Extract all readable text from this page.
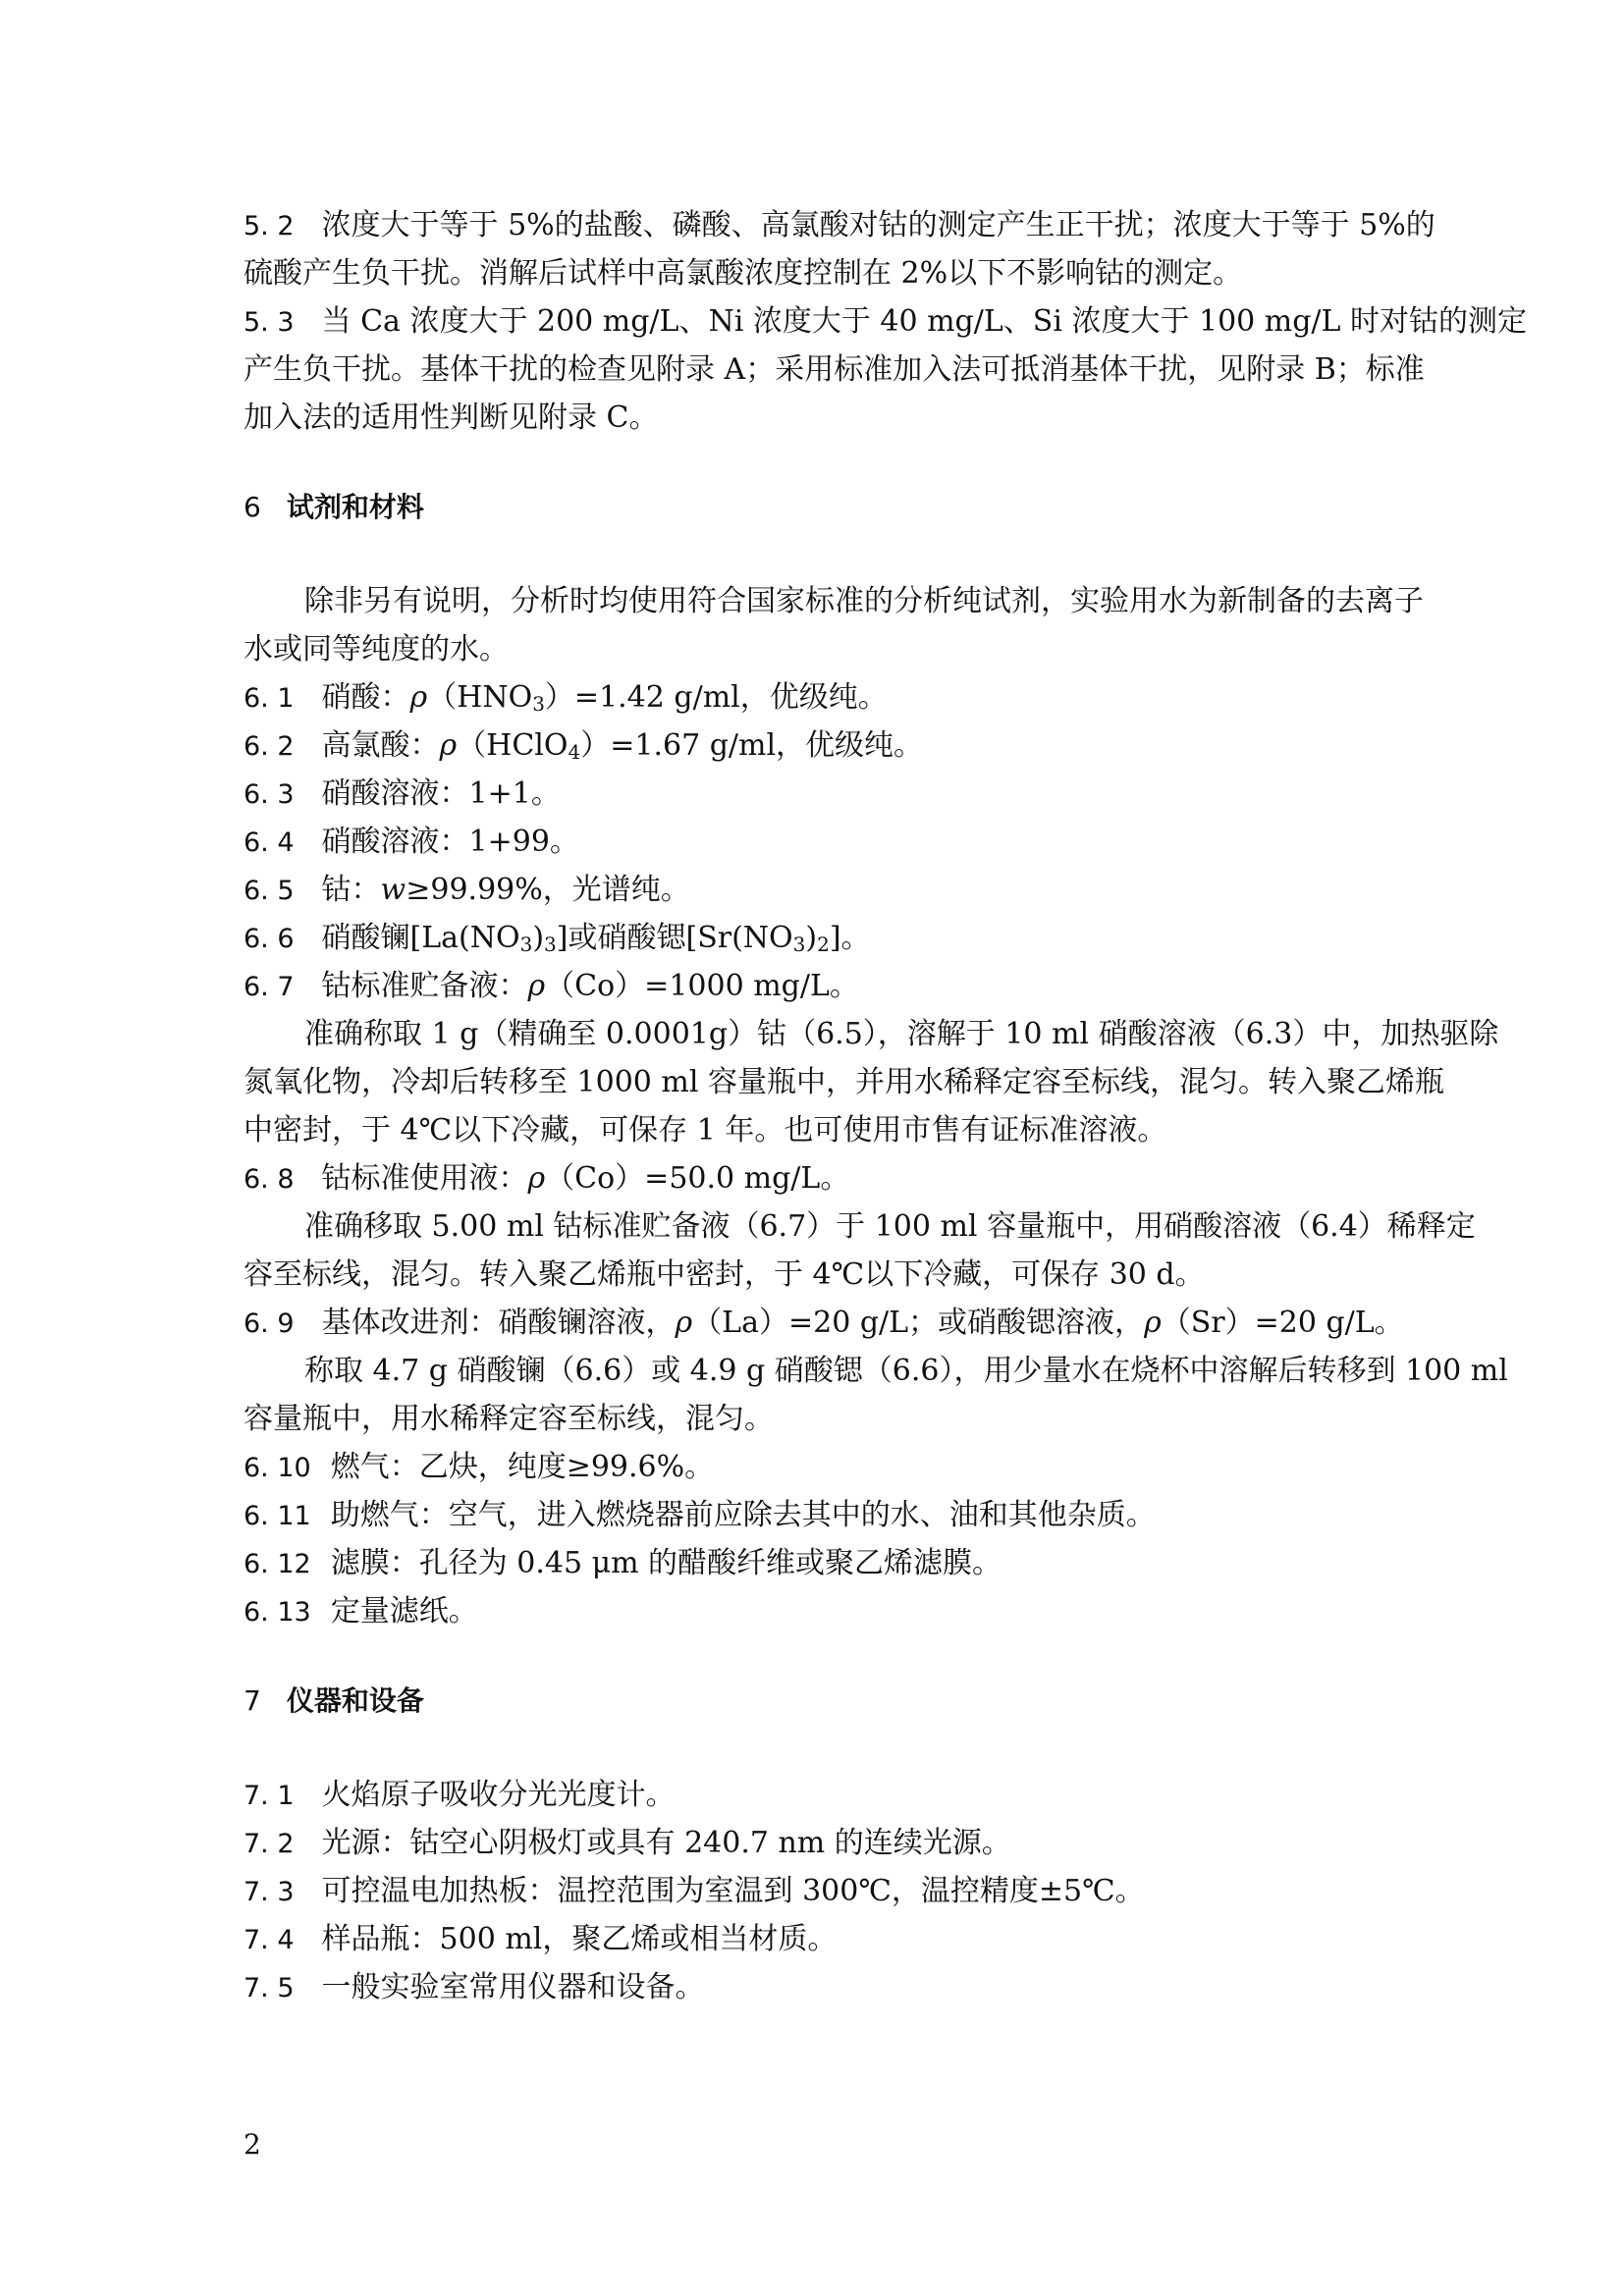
5. 2 浓度大于等于 5%的盐酸、磷酸、高氯酸对钴的测定产生正干扰；浓度大于等于 5%的
硫酸产生负干扰。消解后试样中高氯酸浓度控制在 2%以下不影响钴的测定。
5. 3 当 Ca 浓度大于 200 mg/L、Ni 浓度大于 40 mg/L、Si 浓度大于 100 mg/L 时对钴的测定
产生负干扰。基体干扰的检查见附录 A；采用标准加入法可抵消基体干扰，见附录 B；标准
加入法的适用性判断见附录 C。
6 试剂和材料
除非另有说明，分析时均使用符合国家标准的分析纯试剂，实验用水为新制备的去离子
水或同等纯度的水。
6. 1 硝酸：$\rho(HNO_3)=1.42$ g/ml，优级纯。
6. 2 高氯酸：ρ（HClO$_4$）=1.67 g/ml，优级纯。
6. 3 硝酸溶液：1+1。
6. 4 硝酸溶液：1+99。
6. 5 钴：w≥99.99%，光谱纯。
6. 6 硝酸镧$[La(NO_3)_3]$或硝酸锶$[Sr(NO_3)_2]$。
6. 7 钴标准贮备液：ρ（Co）=1000 mg/L。
准确称取 1 g（精确至 0.0001g）钴（6.5），溶解于 10 ml 硝酸溶液（6.3）中，加热驱除
氮氧化物，冷却后转移至 1000 ml 容量瓶中，并用水稀释定容至标线，混匀。转入聚乙烯瓶
中密封，于 4℃以下冷藏，可保存 1 年。也可使用市售有证标准溶液。
6. 8 钴标准使用液：ρ（Co）=50.0 mg/L。
准确移取 5.00 ml 钴标准贮备液（6.7）于 100 ml 容量瓶中，用硝酸溶液（6.4）稀释定
容至标线，混匀。转入聚乙烯瓶中密封，于 4℃以下冷藏，可保存 30 d。
6. 9 基体改进剂：硝酸镧溶液，ρ（La）=20 g/L；或硝酸锶溶液，ρ（Sr）=20 g/L。
称取 4.7 g 硝酸镧（6.6）或 4.9 g 硝酸锶（6.6），用少量水在烧杯中溶解后转移到 100 ml
容量瓶中，用水稀释定容至标线，混匀。
6. 10 燃气：乙炔，纯度≥99.6%。
6. 11 助燃气：空气，进入燃烧器前应除去其中的水、油和其他杂质。
6. 12 滤膜：孔径为 0.45 μm 的醋酸纤维或聚乙烯滤膜。
6. 13 定量滤纸。
7 仪器和设备
7. 1 火焰原子吸收分光光度计。
7. 2 光源：钴空心阴极灯或具有 240.7 nm 的连续光源。
7. 3 可控温电加热板：温控范围为室温到 300℃，温控精度±5℃。
7. 4 样品瓶：500 ml，聚乙烯或相当材质。
7. 5 一般实验室常用仪器和设备。
2
